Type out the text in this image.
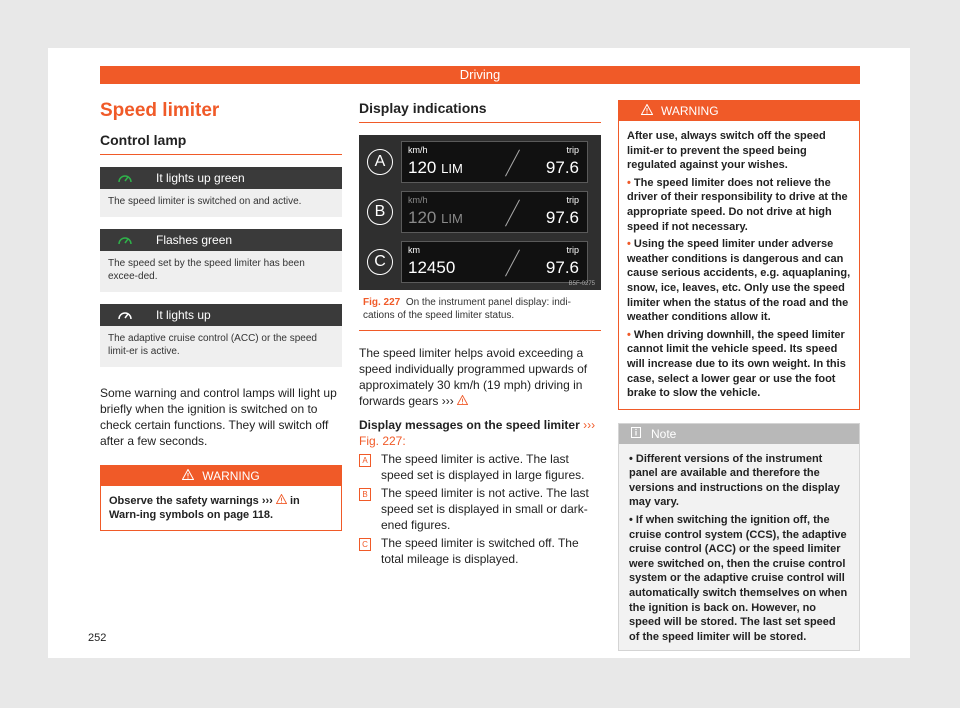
Driving
Speed limiter
Control lamp
It lights up green
The speed limiter is switched on and active.
Flashes green
The speed set by the speed limiter has been excee-ded.
It lights up
The adaptive cruise control (ACC) or the speed limit-er is active.
Some warning and control lamps will light up briefly when the ignition is switched on to check certain functions. They will switch off after a few seconds.
WARNING
Observe the safety warnings ›››  in Warn-ing symbols on page 118.
Display indications
A
km/h
120 LIM
trip
97.6
B
km/h
120 LIM
trip
97.6
C
km
12450
trip
97.6
B5F-0275
Fig. 227 On the instrument panel display: indi-cations of the speed limiter status.
The speed limiter helps avoid exceeding a speed individually programmed upwards of approximately 30 km/h (19 mph) driving in forwards gears ›››
Display messages on the speed limiter ››› Fig. 227:
A The speed limiter is active. The last speed set is displayed in large figures.
B The speed limiter is not active. The last speed set is displayed in small or dark-ened figures.
C The speed limiter is switched off. The total mileage is displayed.
WARNING
After use, always switch off the speed limit-er to prevent the speed being regulated against your wishes.
• The speed limiter does not relieve the driver of their responsibility to drive at the appropriate speed. Do not drive at high speed if not necessary.
• Using the speed limiter under adverse weather conditions is dangerous and can cause serious accidents, e.g. aquaplaning, snow, ice, leaves, etc. Only use the speed limiter when the status of the road and the weather conditions allow it.
• When driving downhill, the speed limiter cannot limit the vehicle speed. Its speed will increase due to its own weight. In this case, select a lower gear or use the foot brake to slow the vehicle.
Note
• Different versions of the instrument panel are available and therefore the versions and instructions on the display may vary.
• If when switching the ignition off, the cruise control system (CCS), the adaptive cruise control (ACC) or the speed limiter were switched on, then the cruise control system or the adaptive cruise control will automatically switch themselves on when the ignition is back on. However, no speed will be stored. The last set speed of the speed limiter will be stored.
252
